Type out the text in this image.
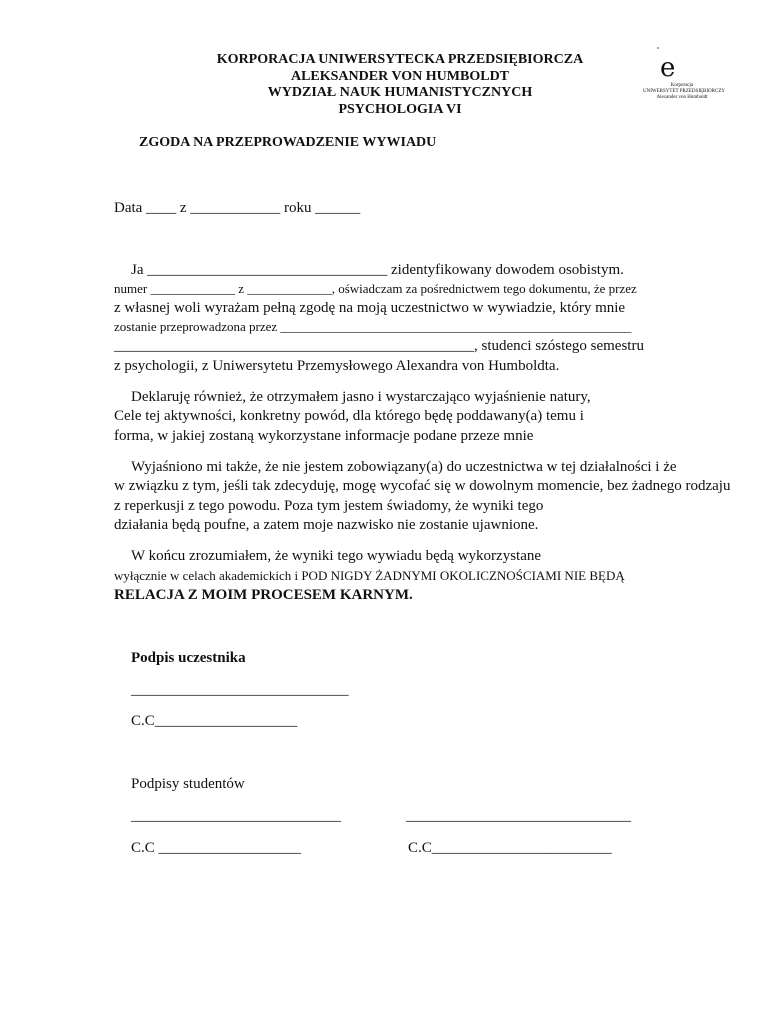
KORPORACJA UNIWERSYTECKA PRZEDSIĘBIORCZA
ALEKSANDER VON HUMBOLDT
WYDZIAŁ NAUK HUMANISTYCZNYCH
PSYCHOLOGIA VI
e
Korporacja
UNIWERSYTET PRZEDSIĘBIORCZY
Alexander von Humboldt
ZGODA NA PRZEPROWADZENIE WYWIADU
Data ____ z ____________ roku ______
Ja ________________________________ zidentyfikowany dowodem osobistym.
numer _____________ z _____________, oświadczam za pośrednictwem tego dokumentu, że przez
z własnej woli wyrażam pełną zgodę na moją uczestnictwo w wywiadzie, który mnie
zostanie przeprowadzona przez ______________________________________________________
________________________________________________, studenci szóstego semestru
z psychologii, z Uniwersytetu Przemysłowego Alexandra von Humboldta.
Deklaruję również, że otrzymałem jasno i wystarczająco wyjaśnienie natury,
Cele tej aktywności, konkretny powód, dla którego będę poddawany(a) temu i
forma, w jakiej zostaną wykorzystane informacje podane przeze mnie
Wyjaśniono mi także, że nie jestem zobowiązany(a) do uczestnictwa w tej działalności i że
w związku z tym, jeśli tak zdecyduję, mogę wycofać się w dowolnym momencie, bez żadnego rodzaju
z reperkusji z tego powodu. Poza tym jestem świadomy, że wyniki tego
działania będą poufne, a zatem moje nazwisko nie zostanie ujawnione.
W końcu zrozumiałem, że wyniki tego wywiadu będą wykorzystane
wyłącznie w celach akademickich i POD NIGDY ŻADNYMI OKOLICZNOŚCIAMI NIE BĘDĄ
RELACJA Z MOIM PROCESEM KARNYM.
Podpis uczestnika
_____________________________
C.C___________________
Podpisy studentów
____________________________	______________________________
C.C ___________________	C.C________________________
